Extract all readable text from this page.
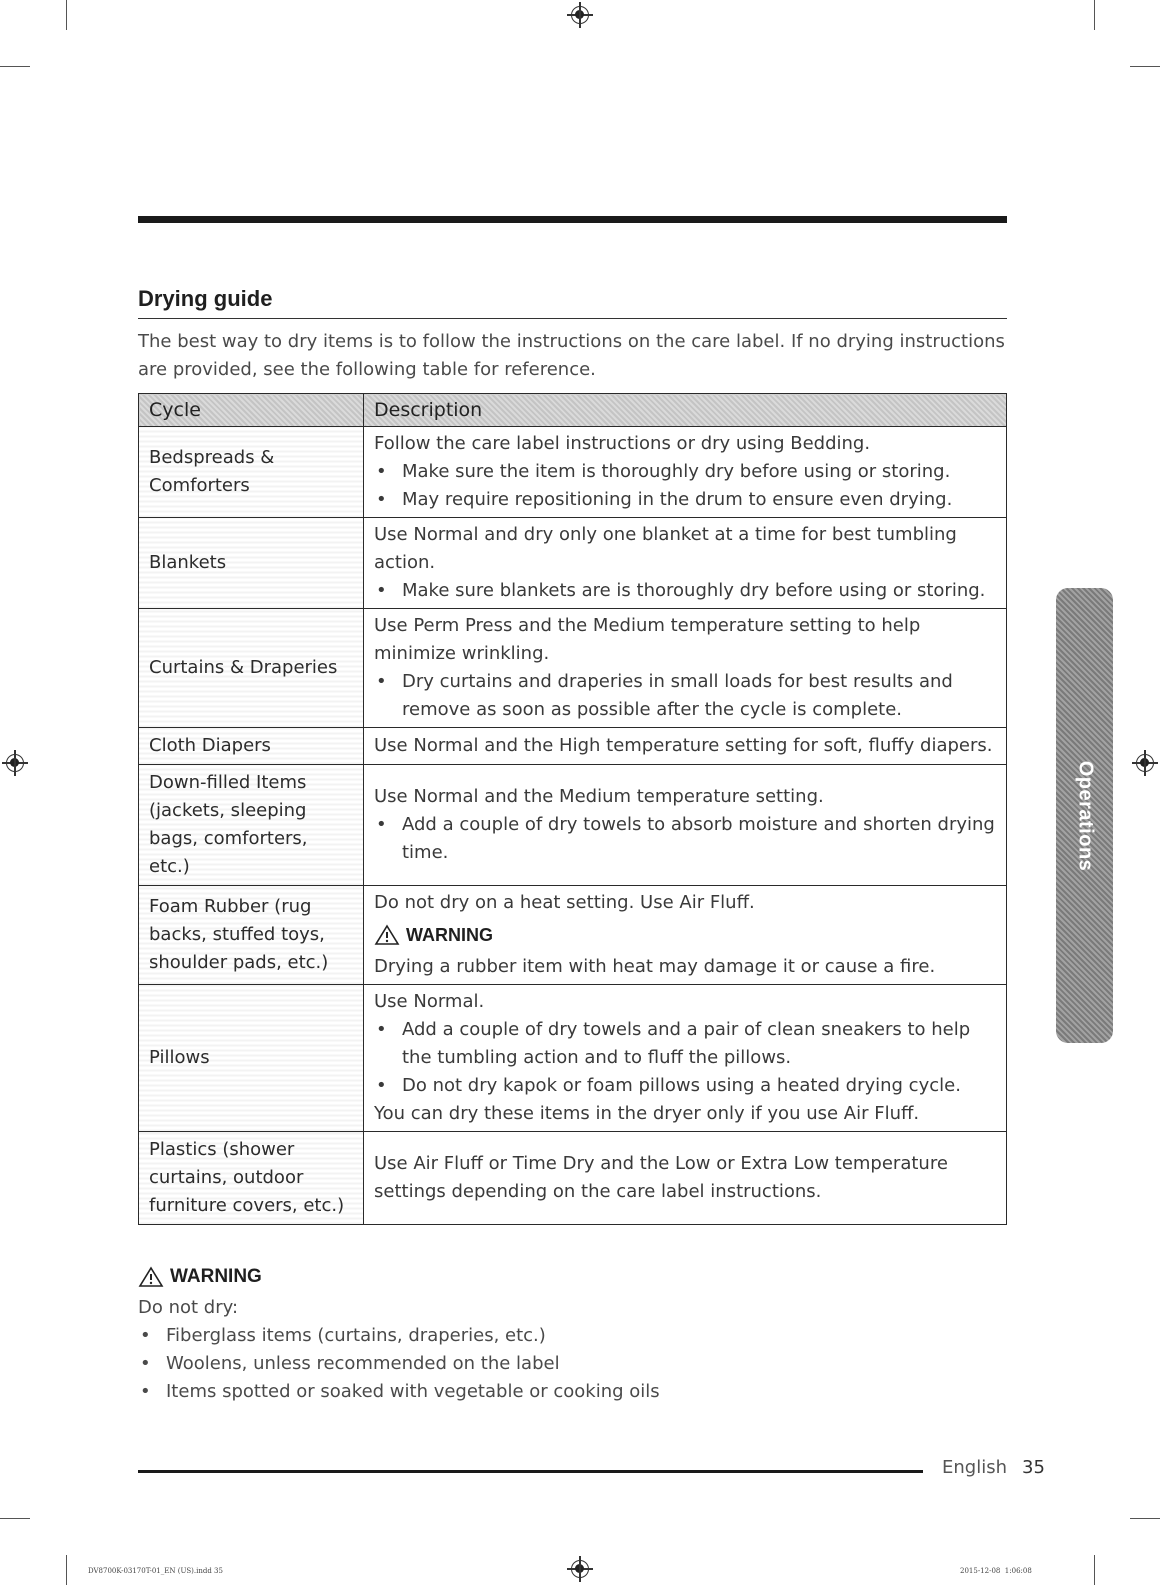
Drying guide
The best way to dry items is to follow the instructions on the care label. If no drying instructions are provided, see the following table for reference.
Cycle	Description
Bedspreads & Comforters	Follow the care label instructions or dry using Bedding.
• Make sure the item is thoroughly dry before using or storing.
• May require repositioning in the drum to ensure even drying.

Blankets	Use Normal and dry only one blanket at a time for best tumbling action.
• Make sure blankets are is thoroughly dry before using or storing.

Curtains & Draperies	Use Perm Press and the Medium temperature setting to help minimize wrinkling.
• Dry curtains and draperies in small loads for best results and remove as soon as possible after the cycle is complete.

Cloth Diapers	Use Normal and the High temperature setting for soft, fluffy diapers.

Down-filled Items (jackets, sleeping bags, comforters, etc.)	Use Normal and the Medium temperature setting.
• Add a couple of dry towels to absorb moisture and shorten drying time.

Foam Rubber (rug backs, stuffed toys, shoulder pads, etc.)	Do not dry on a heat setting. Use Air Fluff.
WARNING
Drying a rubber item with heat may damage it or cause a fire.

Pillows	Use Normal.
• Add a couple of dry towels and a pair of clean sneakers to help the tumbling action and to fluff the pillows.
• Do not dry kapok or foam pillows using a heated drying cycle.
You can dry these items in the dryer only if you use Air Fluff.

Plastics (shower curtains, outdoor furniture covers, etc.)	Use Air Fluff or Time Dry and the Low or Extra Low temperature settings depending on the care label instructions.
WARNING
Do not dry:
• Fiberglass items (curtains, draperies, etc.)
• Woolens, unless recommended on the label
• Items spotted or soaked with vegetable or cooking oils
English 35
Operations
DV8700K-03170T-01_EN (US).indd 35	2015-12-08 ￼ 1:06:08
